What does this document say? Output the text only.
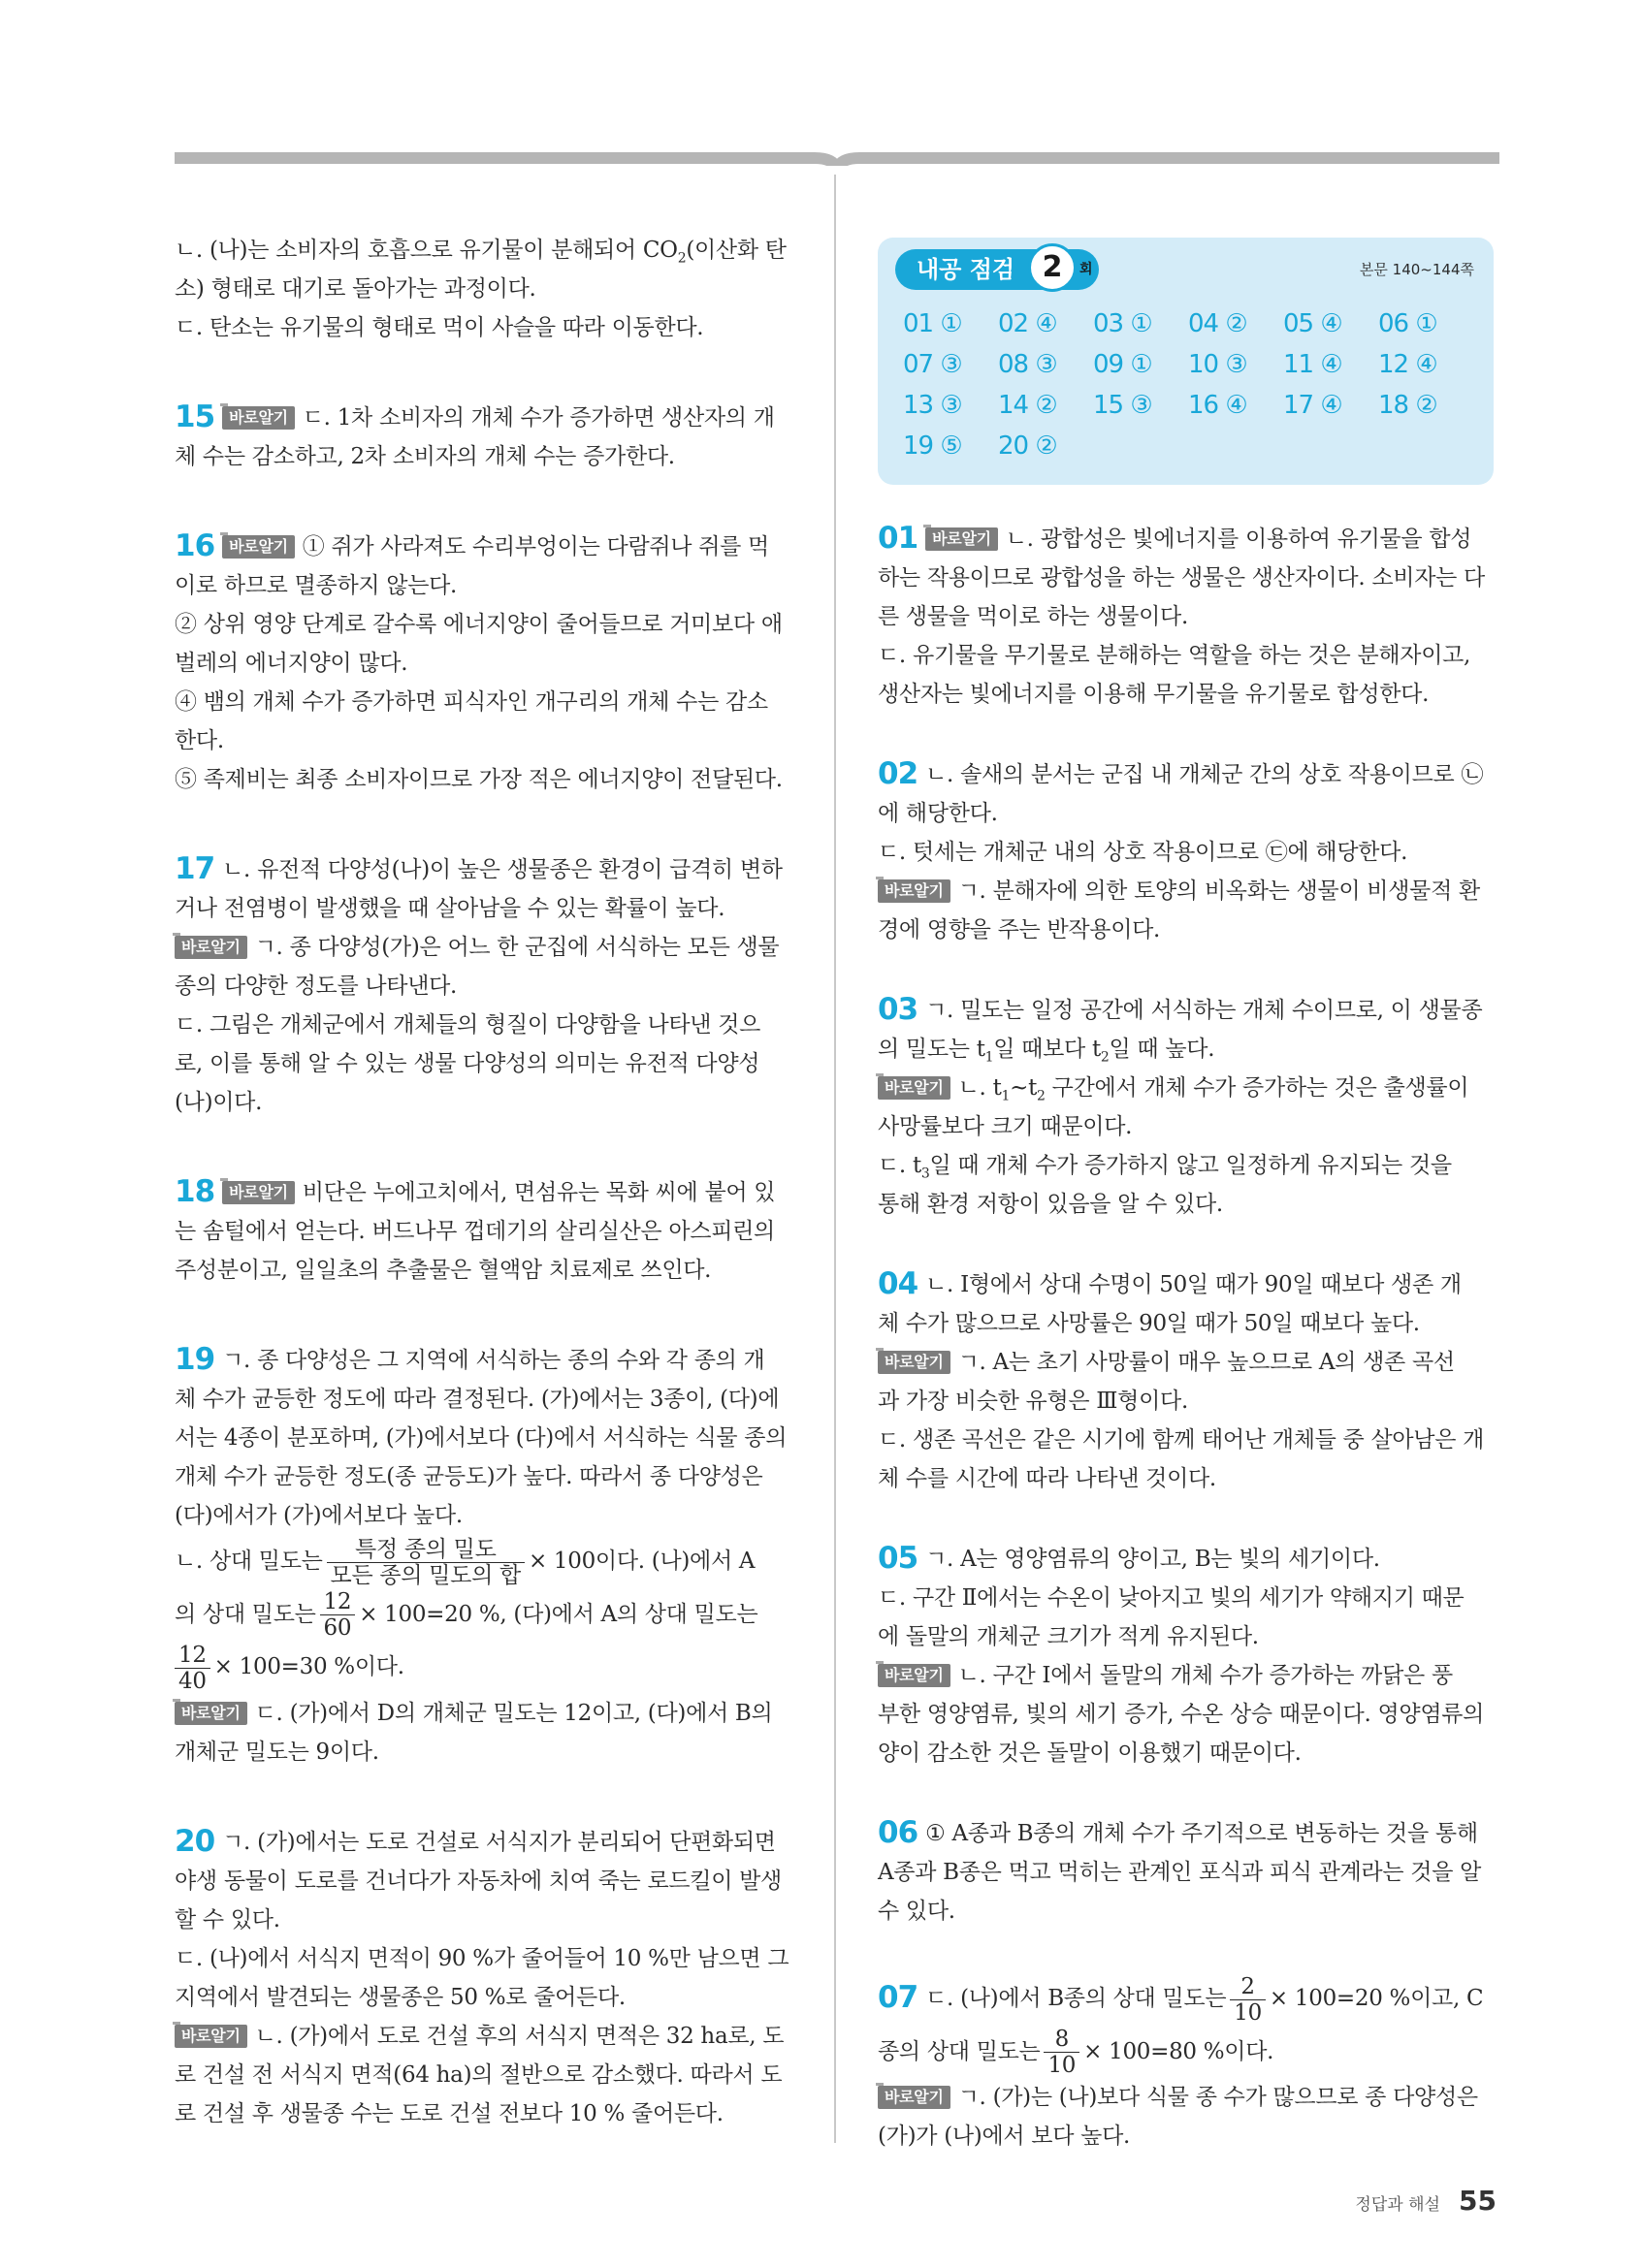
ㄴ. (나)는 소비자의 호흡으로 유기물이 분해되어 $CO_2$(이산화 탄
소) 형태로 대기로 돌아가는 과정이다.
ㄷ. 탄소는 유기물의 형태로 먹이 사슬을 따라 이동한다.
15 바로알기 ㄷ. 1차 소비자의 개체 수가 증가하면 생산자의 개
체 수는 감소하고, 2차 소비자의 개체 수는 증가한다.
16 바로알기 ① 쥐가 사라져도 수리부엉이는 다람쥐나 쥐를 먹
이로 하므로 멸종하지 않는다.
② 상위 영양 단계로 갈수록 에너지양이 줄어들므로 거미보다 애
벌레의 에너지양이 많다.
④ 뱀의 개체 수가 증가하면 피식자인 개구리의 개체 수는 감소
한다.
⑤ 족제비는 최종 소비자이므로 가장 적은 에너지양이 전달된다.
17 ㄴ. 유전적 다양성(나)이 높은 생물종은 환경이 급격히 변하
거나 전염병이 발생했을 때 살아남을 수 있는 확률이 높다.
바로알기 ㄱ. 종 다양성(가)은 어느 한 군집에 서식하는 모든 생물
종의 다양한 정도를 나타낸다.
ㄷ. 그림은 개체군에서 개체들의 형질이 다양함을 나타낸 것으
로, 이를 통해 알 수 있는 생물 다양성의 의미는 유전적 다양성
(나)이다.
18 바로알기 비단은 누에고치에서, 면섬유는 목화 씨에 붙어 있
는 솜털에서 얻는다. 버드나무 껍데기의 살리실산은 아스피린의
주성분이고, 일일초의 추출물은 혈액암 치료제로 쓰인다.
19 ㄱ. 종 다양성은 그 지역에 서식하는 종의 수와 각 종의 개
체 수가 균등한 정도에 따라 결정된다. (가)에서는 3종이, (다)에
서는 4종이 분포하며, (가)에서보다 (다)에서 서식하는 식물 종의
개체 수가 균등한 정도(종 균등도)가 높다. 따라서 종 다양성은
(다)에서가 (가)에서보다 높다.
ㄴ. 상대 밀도는 $\frac{\text{특정 종의 밀도}}{\text{모든 종의 밀도의 합}} \times 100$이다. (나)에서 A
의 상대 밀도는 $\frac{12}{60} \times 100=20$ %, (다)에서 A의 상대 밀도는
$\frac{12}{40} \times 100=30$ %이다.
바로알기 ㄷ. (가)에서 D의 개체군 밀도는 12이고, (다)에서 B의
개체군 밀도는 9이다.
20 ㄱ. (가)에서는 도로 건설로 서식지가 분리되어 단편화되면
야생 동물이 도로를 건너다가 자동차에 치여 죽는 로드킬이 발생
할 수 있다.
ㄷ. (나)에서 서식지 면적이 90 %가 줄어들어 10 %만 남으면 그
지역에서 발견되는 생물종은 50 %로 줄어든다.
바로알기 ㄴ. (가)에서 도로 건설 후의 서식지 면적은 32 ha로, 도
로 건설 전 서식지 면적(64 ha)의 절반으로 감소했다. 따라서 도
로 건설 후 생물종 수는 도로 건설 전보다 10 % 줄어든다.
내공 점검 2	회	본문 140~144쪽
01 ①	02 ④	03 ①	04 ②	05 ④	06 ①
07 ③	08 ③	09 ①	10 ③	11 ④	12 ④
13 ③	14 ②	15 ③	16 ④	17 ④	18 ②
19 ⑤	20 ②
01 바로알기 ㄴ. 광합성은 빛에너지를 이용하여 유기물을 합성
하는 작용이므로 광합성을 하는 생물은 생산자이다. 소비자는 다
른 생물을 먹이로 하는 생물이다.
ㄷ. 유기물을 무기물로 분해하는 역할을 하는 것은 분해자이고,
생산자는 빛에너지를 이용해 무기물을 유기물로 합성한다.
02 ㄴ. 솔새의 분서는 군집 내 개체군 간의 상호 작용이므로 ㉡
에 해당한다.
ㄷ. 텃세는 개체군 내의 상호 작용이므로 ㉢에 해당한다.
바로알기 ㄱ. 분해자에 의한 토양의 비옥화는 생물이 비생물적 환
경에 영향을 주는 반작용이다.
03 ㄱ. 밀도는 일정 공간에 서식하는 개체 수이므로, 이 생물종
의 밀도는 $t_1$일 때보다 $t_2$일 때 높다.
바로알기 ㄴ. $t_1\sim t_2$ 구간에서 개체 수가 증가하는 것은 출생률이
사망률보다 크기 때문이다.
ㄷ. $t_3$일 때 개체 수가 증가하지 않고 일정하게 유지되는 것을
통해 환경 저항이 있음을 알 수 있다.
04 ㄴ. Ⅰ형에서 상대 수명이 50일 때가 90일 때보다 생존 개
체 수가 많으므로 사망률은 90일 때가 50일 때보다 높다.
바로알기 ㄱ. A는 초기 사망률이 매우 높으므로 A의 생존 곡선
과 가장 비슷한 유형은 Ⅲ형이다.
ㄷ. 생존 곡선은 같은 시기에 함께 태어난 개체들 중 살아남은 개
체 수를 시간에 따라 나타낸 것이다.
05 ㄱ. A는 영양염류의 양이고, B는 빛의 세기이다.
ㄷ. 구간 Ⅱ에서는 수온이 낮아지고 빛의 세기가 약해지기 때문
에 돌말의 개체군 크기가 적게 유지된다.
바로알기 ㄴ. 구간 Ⅰ에서 돌말의 개체 수가 증가하는 까닭은 풍
부한 영양염류, 빛의 세기 증가, 수온 상승 때문이다. 영양염류의
양이 감소한 것은 돌말이 이용했기 때문이다.
06 ① A종과 B종의 개체 수가 주기적으로 변동하는 것을 통해
A종과 B종은 먹고 먹히는 관계인 포식과 피식 관계라는 것을 알
수 있다.
07 ㄷ. (나)에서 B종의 상대 밀도는 $\frac{2}{10} \times 100=20$ %이고, C
종의 상대 밀도는 $\frac{8}{10} \times 100=80$ %이다.
바로알기 ㄱ. (가)는 (나)보다 식물 종 수가 많으므로 종 다양성은
(가)가 (나)에서 보다 높다.
정답과 해설 55
